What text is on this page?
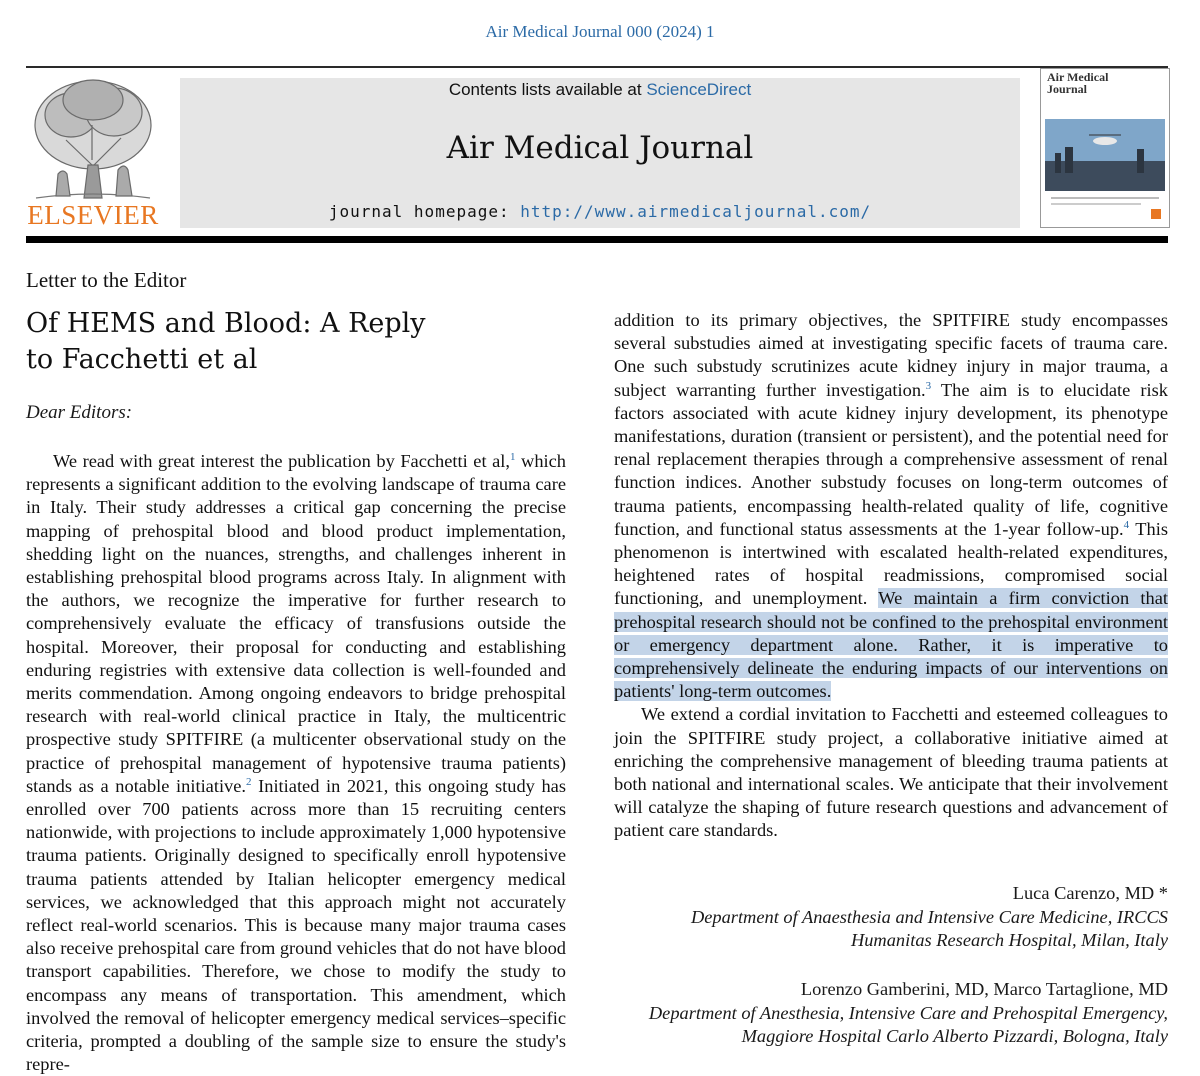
Air Medical Journal 000 (2024) 1
ELSEVIER
Contents lists available at ScienceDirect
Air Medical Journal
journal homepage: http://www.airmedicaljournal.com/
Air Medical Journal
Letter to the Editor
Of HEMS and Blood: A Reply
to Facchetti et al
Dear Editors:

We read with great interest the publication by Facchetti et al,$^1$ which represents a significant addition to the evolving landscape of trauma care in Italy. Their study addresses a critical gap concerning the precise mapping of prehospital blood and blood product implementation, shedding light on the nuances, strengths, and challenges inherent in establishing prehospital blood programs across Italy. In alignment with the authors, we recognize the imperative for further research to comprehensively evaluate the efficacy of transfusions outside the hospital. Moreover, their proposal for conducting and establishing enduring registries with extensive data collection is well-founded and merits commendation. Among ongoing endeavors to bridge prehospital research with real-world clinical practice in Italy, the multicentric prospective study SPITFIRE (a multicenter observational study on the practice of prehospital management of hypotensive trauma patients) stands as a notable initiative.$^2$ Initiated in 2021, this ongoing study has enrolled over 700 patients across more than 15 recruiting centers nationwide, with projections to include approximately 1,000 hypotensive trauma patients. Originally designed to specifically enroll hypotensive trauma patients attended by Italian helicopter emergency medical services, we acknowledged that this approach might not accurately reflect real-world scenarios. This is because many major trauma cases also receive prehospital care from ground vehicles that do not have blood transport capabilities. Therefore, we chose to modify the study to encompass any means of transportation. This amendment, which involved the removal of helicopter emergency medical services–specific criteria, prompted a doubling of the sample size to ensure the study's repre-

addition to its primary objectives, the SPITFIRE study encompasses several substudies aimed at investigating specific facets of trauma care. One such substudy scrutinizes acute kidney injury in major trauma, a subject warranting further investigation.$^3$ The aim is to elucidate risk factors associated with acute kidney injury development, its phenotype manifestations, duration (transient or persistent), and the potential need for renal replacement therapies through a comprehensive assessment of renal function indices. Another substudy focuses on long-term outcomes of trauma patients, encompassing health-related quality of life, cognitive function, and functional status assessments at the 1-year follow-up.$^4$ This phenomenon is intertwined with escalated health-related expenditures, heightened rates of hospital readmissions, compromised social functioning, and unemployment. We maintain a firm conviction that prehospital research should not be confined to the prehospital environment or emergency department alone. Rather, it is imperative to comprehensively delineate the enduring impacts of our interventions on patients' long-term outcomes.

We extend a cordial invitation to Facchetti and esteemed colleagues to join the SPITFIRE study project, a collaborative initiative aimed at enriching the comprehensive management of bleeding trauma patients at both national and international scales. We anticipate that their involvement will catalyze the shaping of future research questions and advancement of patient care standards.

Luca Carenzo, MD *
Department of Anaesthesia and Intensive Care Medicine, IRCCS
Humanitas Research Hospital, Milan, Italy
Lorenzo Gamberini, MD, Marco Tartaglione, MD
Department of Anesthesia, Intensive Care and Prehospital Emergency,
Maggiore Hospital Carlo Alberto Pizzardi, Bologna, Italy
